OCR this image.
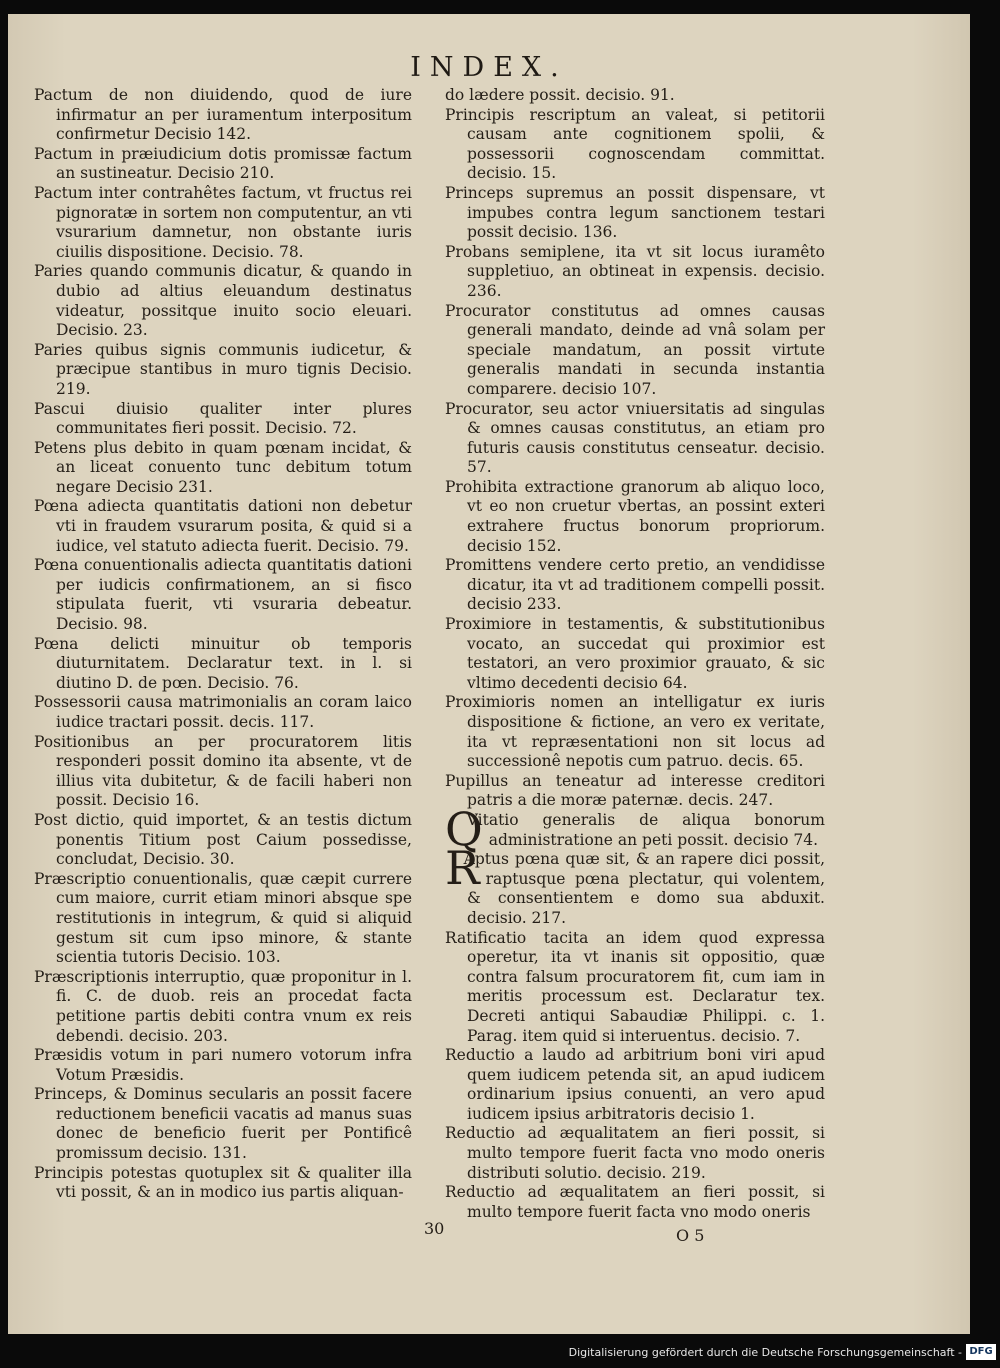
INDEX.
Pactum de non diuidendo, quod de iure infirmatur an per iuramentum interpositum confirmetur Decisio 142.
Pactum in præiudicium dotis promissæ factum an sustineatur. Decisio 210.
Pactum inter contrahêtes factum, vt fructus rei pignoratæ in sortem non computentur, an vti vsurarium damnetur, non obstante iuris ciuilis dispositione. Decisio. 78.
Paries quando communis dicatur, & quando in dubio ad altius eleuandum destinatus videatur, possitque inuito socio eleuari. Decisio. 23.
Paries quibus signis communis iudicetur, & præcipue stantibus in muro tignis Decisio. 219.
Pascui diuisio qualiter inter plures communitates fieri possit. Decisio. 72.
Petens plus debito in quam pœnam incidat, & an liceat conuento tunc debitum totum negare Decisio 231.
Pœna adiecta quantitatis dationi non debetur vti in fraudem vsurarum posita, & quid si a iudice, vel statuto adiecta fuerit. Decisio. 79.
Pœna conuentionalis adiecta quantitatis dationi per iudicis confirmationem, an si fisco stipulata fuerit, vti vsuraria debeatur. Decisio. 98.
Pœna delicti minuitur ob temporis diuturnitatem. Declaratur text. in l. si diutino D. de pœn. Decisio. 76.
Possessorii causa matrimonialis an coram laico iudice tractari possit. decis. 117.
Positionibus an per procuratorem litis responderi possit domino ita absente, vt de illius vita dubitetur, & de facili haberi non possit. Decisio 16.
Post dictio, quid importet, & an testis dictum ponentis Titium post Caium possedisse, concludat, Decisio. 30.
Præscriptio conuentionalis, quæ cæpit currere cum maiore, currit etiam minori absque spe restitutionis in integrum, & quid si aliquid gestum sit cum ipso minore, & stante scientia tutoris Decisio. 103.
Præscriptionis interruptio, quæ proponitur in l. fi. C. de duob. reis an procedat facta petitione partis debiti contra vnum ex reis debendi. decisio. 203.
Præsidis votum in pari numero votorum infra Votum Præsidis.
Princeps, & Dominus secularis an possit facere reductionem beneficii vacatis ad manus suas donec de beneficio fuerit per Pontificê promissum decisio. 131.
Principis potestas quotuplex sit & qualiter illa vti possit, & an in modico ius partis aliquan-
do lædere possit. decisio. 91.
Principis rescriptum an valeat, si petitorii causam ante cognitionem spolii, & possessorii cognoscendam committat. decisio. 15.
Princeps supremus an possit dispensare, vt impubes contra legum sanctionem testari possit decisio. 136.
Probans semiplene, ita vt sit locus iuramêto suppletiuo, an obtineat in expensis. decisio. 236.
Procurator constitutus ad omnes causas generali mandato, deinde ad vnâ solam per speciale mandatum, an possit virtute generalis mandati in secunda instantia comparere. decisio 107.
Procurator, seu actor vniuersitatis ad singulas & omnes causas constitutus, an etiam pro futuris causis constitutus censeatur. decisio. 57.
Prohibita extractione granorum ab aliquo loco, vt eo non cruetur vbertas, an possint exteri extrahere fructus bonorum propriorum. decisio 152.
Promittens vendere certo pretio, an vendidisse dicatur, ita vt ad traditionem compelli possit. decisio 233.
Proximiore in testamentis, & substitutionibus vocato, an succedat qui proximior est testatori, an vero proximior grauato, & sic vltimo decedenti decisio 64.
Proximioris nomen an intelligatur ex iuris dispositione & fictione, an vero ex veritate, ita vt repræsentationi non sit locus ad successionê nepotis cum patruo. decis. 65.
Pupillus an teneatur ad interesse creditori patris a die moræ paternæ. decis. 247.
QVitatio generalis de aliqua bonorum administratione an peti possit. decisio 74.
RAptus pœna quæ sit, & an rapere dici possit, raptusque pœna plectatur, qui volentem, & consentientem e domo sua abduxit. decisio. 217.
Ratificatio tacita an idem quod expressa operetur, ita vt inanis sit oppositio, quæ contra falsum procuratorem fit, cum iam in meritis processum est. Declaratur tex. Decreti antiqui Sabaudiæ Philippi. c. 1. Parag. item quid si interuentus. decisio. 7.
Reductio a laudo ad arbitrium boni viri apud quem iudicem petenda sit, an apud iudicem ordinarium ipsius conuenti, an vero apud iudicem ipsius arbitratoris decisio 1.
Reductio ad æqualitatem an fieri possit, si multo tempore fuerit facta vno modo oneris distributi solutio. decisio. 219.
Reductio ad æqualitatem an fieri possit, si multo tempore fuerit facta vno modo oneris
30	O 5
Digitalisierung gefördert durch die Deutsche Forschungsgemeinschaft - DFG
